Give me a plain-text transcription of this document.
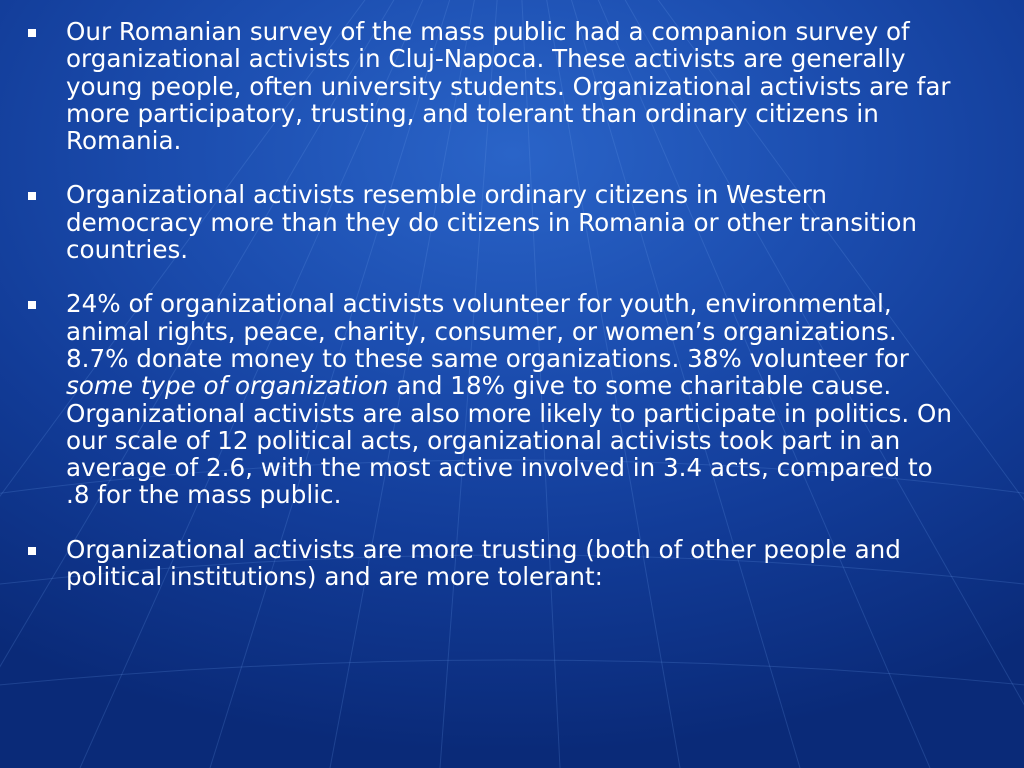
Our Romanian survey of the mass public had a companion survey of organizational activists in Cluj-Napoca. These activists are generally young people, often university students. Organizational activists are far more participatory, trusting, and tolerant than ordinary citizens in Romania.
Organizational activists resemble ordinary citizens in Western democracy more than they do citizens in Romania or other transition countries.
24% of organizational activists volunteer for youth, environmental, animal rights, peace, charity, consumer, or women’s organizations. 8.7% donate money to these same organizations. 38% volunteer for some type of organization and 18% give to some charitable cause. Organizational activists are also more likely to participate in politics. On our scale of 12 political acts, organizational activists took part in an average of 2.6, with the most active involved in 3.4 acts, compared to .8 for the mass public.
Organizational activists are more trusting (both of other people and political institutions) and are more tolerant:
